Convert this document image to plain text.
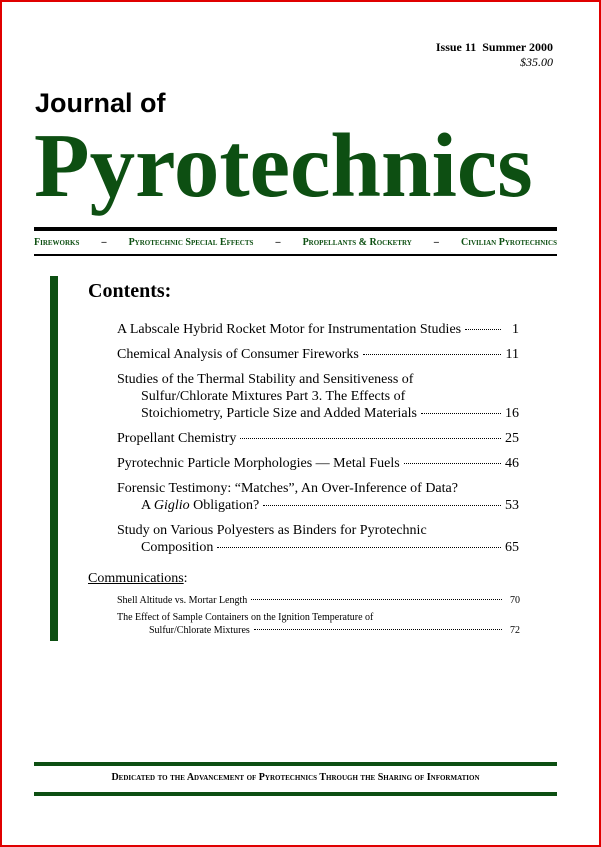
Issue 11  Summer 2000
$35.00
Journal of
Pyrotechnics
Fireworks – Pyrotechnic Special Effects – Propellants & Rocketry – Civilian Pyrotechnics
Contents:
A Labscale Hybrid Rocket Motor for Instrumentation Studies	1
Chemical Analysis of Consumer Fireworks	11
Studies of the Thermal Stability and Sensitiveness of
Sulfur/Chlorate Mixtures Part 3. The Effects of
Stoichiometry, Particle Size and Added Materials	16
Propellant Chemistry	25
Pyrotechnic Particle Morphologies — Metal Fuels	46
Forensic Testimony: “Matches”, An Over-Inference of Data?
A Giglio Obligation?	53
Study on Various Polyesters as Binders for Pyrotechnic
Composition	65
Communications:
Shell Altitude vs. Mortar Length	70
The Effect of Sample Containers on the Ignition Temperature of
Sulfur/Chlorate Mixtures	72
Dedicated to the Advancement of Pyrotechnics Through the Sharing of Information
